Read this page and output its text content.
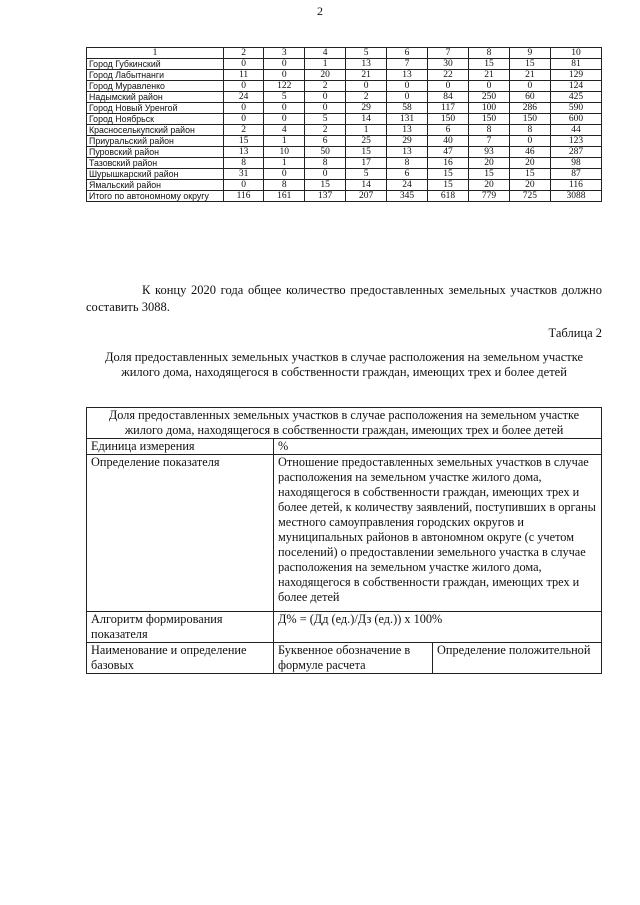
2
1	2	3	4	5	6	7	8	9	10
Город Губкинский	0	0	1	13	7	30	15	15	81
Город Лабытнанги	11	0	20	21	13	22	21	21	129
Город Муравленко	0	122	2	0	0	0	0	0	124
Надымский район	24	5	0	2	0	84	250	60	425
Город Новый Уренгой	0	0	0	29	58	117	100	286	590
Город Ноябрьск	0	0	5	14	131	150	150	150	600
Красноселькупский район	2	4	2	1	13	6	8	8	44
Приуральский район	15	1	6	25	29	40	7	0	123
Пуровский район	13	10	50	15	13	47	93	46	287
Тазовский район	8	1	8	17	8	16	20	20	98
Шурышкарский район	31	0	0	5	6	15	15	15	87
Ямальский район	0	8	15	14	24	15	20	20	116
Итого по автономному округу	116	161	137	207	345	618	779	725	3088
К концу 2020 года общее количество предоставленных земельных участков должно составить 3088.
Таблица 2
Доля предоставленных земельных участков в случае расположения на земельном участке жилого дома, находящегося в собственности граждан, имеющих трех и более детей
Доля предоставленных земельных участков в случае расположения на земельном участке жилого дома, находящегося в собственности граждан, имеющих трех и более детей		
Единица измерения	%	
Определение показателя	Отношение предоставленных земельных участков в случае расположения на земельном участке жилого дома, находящегося в собственности граждан, имеющих трех и более детей, к количеству заявлений, поступивших в органы местного самоуправления городских округов и муниципальных районов в автономном округе (с учетом поселений) о предоставлении земельного участка в случае расположения на земельном участке жилого дома, находящегося в собственности граждан, имеющих трех и более детей	
Алгоритм формирования показателя	Д% = (Дд (ед.)/Дз (ед.)) x 100%	
Наименование и определение базовых	Буквенное обозначение в формуле расчета	Определение положительной
